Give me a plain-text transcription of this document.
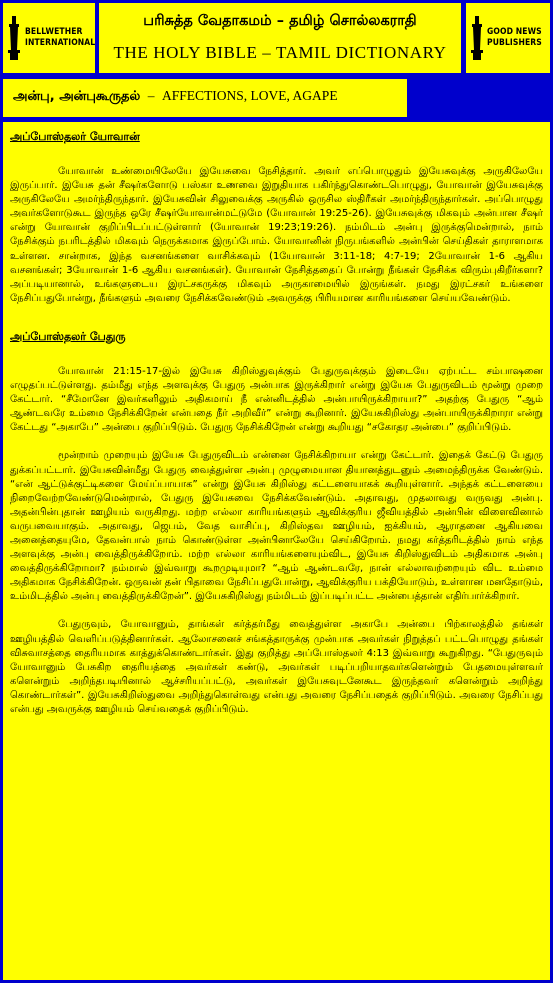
BELLWETHER
INTERNATIONAL
பரிசுத்த வேதாகமம் – தமிழ் சொல்லகராதி
THE HOLY BIBLE – TAMIL DICTIONARY
GOOD NEWS
PUBLISHERS
அன்பு, அன்புகூருதல்  –  AFFECTIONS, LOVE, AGAPE
அப்போஸ்தலர் யோவான்

யோவான் உண்மையிலேயே இயேசுவை நேசித்தார். அவர் எப்பொழுதும் இயேசுவுக்கு அருகிலேயே இருப்பார். இயேசு தன் சீஷர்களோடு பஸ்கா உணவை இறுதியாக பகிர்ந்துகொண்டபொழுது, யோவான் இயேசுவுக்கு அருகிலேயே அமர்ந்திருந்தார். இயேசுவின் சிலுவைக்கு அருகில் ஒருசில ஸ்திரீகள் அமர்ந்திருந்தார்கள். அப்பொழுது அவர்களோடுகூட இருந்த ஒரே சீஷர்யோவான்மட்டுமே (யோவான் 19:25-26). இயேசுவுக்கு மிகவும் அன்பான சீஷர் என்று யோவான் குறிப்பிடப்பட்டுள்ளார் (யோவான் 19:23;19:26). நம்மிடம் அன்பு இருக்குமென்றால், நாம் நேசிக்கும் நபரிடத்தில் மிகவும் நெருக்கமாக இருப்போம். யோவானின் நிருபங்களில் அன்பின் செய்திகள் தாராளமாக உள்ளன. சான்றாக, இந்த வசனங்களை வாசிக்கவும் (1யோவான் 3:11-18; 4:7-19; 2யோவான் 1-6 ஆகிய வசனங்கள்; 3யோவான் 1-6 ஆகிய வசனங்கள்). யோவான் நேசித்ததைப் போன்று நீங்கள் நேசிக்க விரும்புகிறீர்களா? அப்படியானால், உங்களுடைய இரட்சகருக்கு மிகவும் அருகாமையில் இருங்கள். நமது இரட்சகர் உங்களை நேசிப்பதுபோன்று, நீங்களும் அவரை நேசிக்கவேண்டும் அவருக்கு பிரியமான காரியங்களை செய்யவேண்டும்.

அப்போஸ்தலர் பேதுரு

யோவான் 21:15-17-இல் இயேசு கிறிஸ்துவுக்கும் பேதுருவுக்கும் இடையே ஏற்பட்ட சம்பாஷனை எழுதப்பட்டுள்ளது. தம்மீது எந்த அளவுக்கு பேதுரு அன்பாக இருக்கிறார் என்று இயேசு பேதுருவிடம் மூன்று முறை கேட்டார். “சீமோனே இவர்களிலும் அதிகமாய் நீ என்னிடத்தில் அன்பாயிருக்கிறாயா?” அதற்கு பேதுரு “ஆம் ஆண்டவரே உம்மை நேசிக்கிறேன் என்பதை நீர் அறிவீர்” என்று கூறினார். இயேசுகிறிஸ்து அன்பாயிருக்கிறாரா என்று கேட்டது “அகாபே” அன்பை குறிப்பிடும். பேதுரு நேசிக்கிறேன் என்று கூறியது “சகோதர அன்பை” குறிப்பிடும்.

மூன்றாம் முறையும் இயேசு பேதுருவிடம் என்னை நேசிக்கிறாயா என்று கேட்டார். இதைக் கேட்டு பேதுரு துக்கப்பட்டார். இயேசுவின்மீது பேதுரு வைத்துள்ள அன்பு முழுமையான தியானத்துடனும் அமைந்திருக்க வேண்டும். “என் ஆட்டுக்குட்டிகளை மேய்ப்பாயாக” என்று இயேசு கிறிஸ்து கட்டளையாகக் கூறியுள்ளார். அந்தக் கட்டளையை நிறைவேற்றவேண்டுமென்றால், பேதுரு இயேசுவை நேசிக்கவேண்டும். அதாவது, முதலாவது வருவது அன்பு. அதன்பின்புதான் ஊழியம் வருகிறது. மற்ற எல்லா காரியங்களும் ஆவிக்குரிய ஜீவியத்தில் அன்பின் விளைவினால் வருபவையாகும். அதாவது, ஜெபம், வேத வாசிப்பு, கிறிஸ்தவ ஊழியம், ஐக்கியம், ஆராதனை ஆகியவை அனைத்தையுமே, தேவன்பால் நாம் கொண்டுள்ள அன்பினாலேயே செய்கிறோம். நமது கர்த்தரிடத்தில் நாம் எந்த அளவுக்கு அன்பு வைத்திருக்கிறோம். மற்ற எல்லா காரியங்களையும்விட, இயேசு கிறிஸ்துவிடம் அதிகமாக அன்பு வைத்திருக்கிறோமா? நம்மால் இவ்வாறு கூறமுடியுமா? “ஆம் ஆண்டவரே, நான் எல்லாவற்றையும் விட உம்மை அதிகமாக நேசிக்கிறேன். ஒருவன் தன் பிதாவை நேசிப்பதுபோன்று, ஆவிக்குரிய பக்தியோடும், உள்ளான மனதோடும், உம்மிடத்தில் அன்பு வைத்திருக்கிறேன்”. இயேசுகிறிஸ்து நம்மிடம் இப்படிப்பட்ட அன்பைத்தான் எதிர்பார்க்கிறார்.

பேதுருவும், யோவானும், தாங்கள் கர்த்தர்மீது வைத்துள்ள அகாபே அன்பை பிற்காலத்தில் தங்கள் ஊழியத்தில் வெளிப்படுத்தினார்கள். ஆலோசனைச் சங்கத்தாருக்கு முன்பாக அவர்கள் நிறுத்தப் பட்டபொழுது தங்கள் விசுவாசத்தை தைரியமாக காத்துக்கொண்டார்கள். இது குறித்து அப்போஸ்தலர் 4:13 இவ்வாறு கூறுகிறது. “பேதுருவும் யோவானும் பேசுகிற தைரியத்தை அவர்கள் கண்டு, அவர்கள் படிப்பறியாதவர்களென்றும் பேதமையுள்ளவர் களென்றும் அறிந்தபடியினால் ஆச்சரியப்பட்டு, அவர்கள் இயேசுவுடனேகூட இருந்தவர் களென்றும் அறிந்து கொண்டார்கள்”. இயேசுகிறிஸ்துவை அறிந்துகொள்வது என்பது அவரை நேசிப்பதைக் குறிப்பிடும். அவரை நேசிப்பது என்பது அவருக்கு ஊழியம் செய்வதைக் குறிப்பிடும்.
